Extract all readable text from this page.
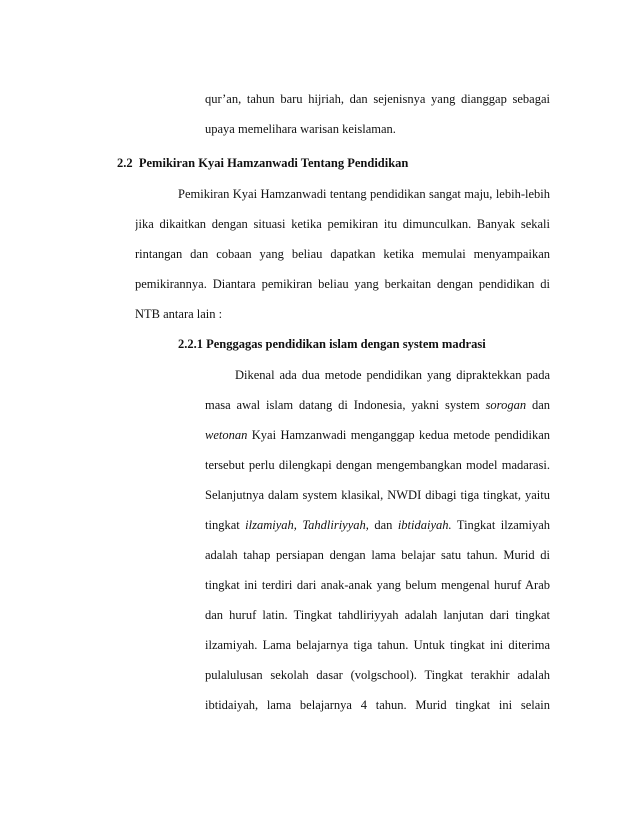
qur’an, tahun baru hijriah, dan sejenisnya yang dianggap sebagai
upaya memelihara warisan keislaman.
2.2 Pemikiran Kyai Hamzanwadi Tentang Pendidikan
Pemikiran Kyai Hamzanwadi tentang pendidikan sangat maju, lebih-lebih
jika dikaitkan dengan situasi ketika pemikiran itu dimunculkan. Banyak sekali
rintangan dan cobaan yang beliau dapatkan ketika memulai menyampaikan
pemikirannya. Diantara pemikiran beliau yang berkaitan dengan pendidikan di
NTB antara lain :
2.2.1 Penggagas pendidikan islam dengan system madrasi
Dikenal ada dua metode pendidikan yang dipraktekkan pada
masa awal islam datang di Indonesia, yakni system sorogan dan
wetonan Kyai Hamzanwadi menganggap kedua metode pendidikan
tersebut perlu dilengkapi dengan mengembangkan model madarasi.
Selanjutnya dalam system klasikal, NWDI dibagi tiga tingkat, yaitu
tingkat ilzamiyah, Tahdliriyyah, dan ibtidaiyah. Tingkat ilzamiyah
adalah tahap persiapan dengan lama belajar satu tahun. Murid di
tingkat ini terdiri dari anak-anak yang belum mengenal huruf Arab
dan huruf latin. Tingkat tahdliriyyah adalah lanjutan dari tingkat
ilzamiyah. Lama belajarnya tiga tahun. Untuk tingkat ini diterima
pulalulusan sekolah dasar (volgschool). Tingkat terakhir adalah
ibtidaiyah, lama belajarnya 4 tahun. Murid tingkat ini selain
